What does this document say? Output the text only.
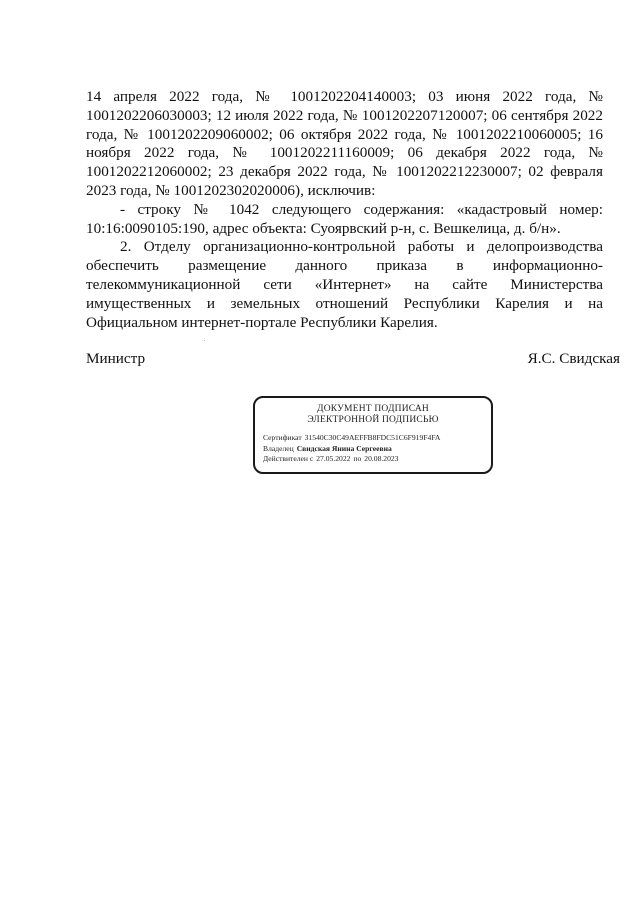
14 апреля 2022 года, № 1001202204140003; 03 июня 2022 года, № 1001202206030003; 12 июля 2022 года, № 1001202207120007; 06 сентября 2022 года, № 1001202209060002; 06 октября 2022 года, № 1001202210060005; 16 ноября 2022 года, № 1001202211160009; 06 декабря 2022 года, № 1001202212060002; 23 декабря 2022 года, № 1001202212230007; 02 февраля 2023 года, № 1001202302020006), исключив:

- строку № 1042 следующего содержания: «кадастровый номер: 10:16:0090105:190, адрес объекта: Суоярвский р-н, с. Вешкелица, д. б/н».

2. Отделу организационно-контрольной работы и делопроизводства обеспечить размещение данного приказа в информационно-телекоммуникационной сети «Интернет» на сайте Министерства имущественных и земельных отношений Республики Карелия и на Официальном интернет-портале Республики Карелия.

Министр	Я.С. Свидская
ДОКУМЕНТ ПОДПИСАН
ЭЛЕКТРОННОЙ ПОДПИСЬЮ
Сертификат 31540C30C49AEFFB8FDC51C6F919F4FA
Владелец Свидская Янина Сергеевна
Действителен с 27.05.2022 по 20.08.2023
